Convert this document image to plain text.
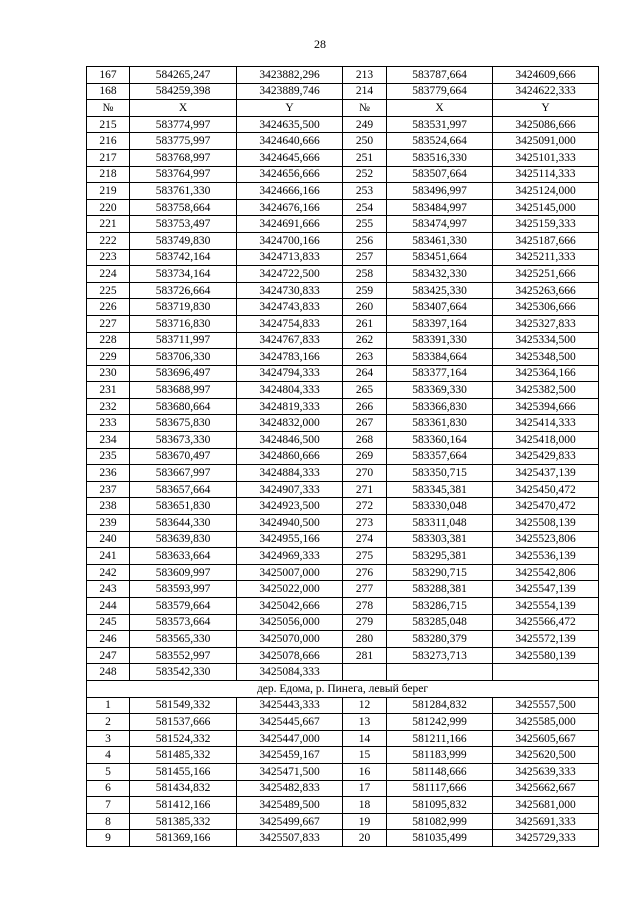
28
167	584265,247	3423882,296	213	583787,664	3424609,666
168	584259,398	3423889,746	214	583779,664	3424622,333
№	X	Y	№	X	Y
215	583774,997	3424635,500	249	583531,997	3425086,666
216	583775,997	3424640,666	250	583524,664	3425091,000
217	583768,997	3424645,666	251	583516,330	3425101,333
218	583764,997	3424656,666	252	583507,664	3425114,333
219	583761,330	3424666,166	253	583496,997	3425124,000
220	583758,664	3424676,166	254	583484,997	3425145,000
221	583753,497	3424691,666	255	583474,997	3425159,333
222	583749,830	3424700,166	256	583461,330	3425187,666
223	583742,164	3424713,833	257	583451,664	3425211,333
224	583734,164	3424722,500	258	583432,330	3425251,666
225	583726,664	3424730,833	259	583425,330	3425263,666
226	583719,830	3424743,833	260	583407,664	3425306,666
227	583716,830	3424754,833	261	583397,164	3425327,833
228	583711,997	3424767,833	262	583391,330	3425334,500
229	583706,330	3424783,166	263	583384,664	3425348,500
230	583696,497	3424794,333	264	583377,164	3425364,166
231	583688,997	3424804,333	265	583369,330	3425382,500
232	583680,664	3424819,333	266	583366,830	3425394,666
233	583675,830	3424832,000	267	583361,830	3425414,333
234	583673,330	3424846,500	268	583360,164	3425418,000
235	583670,497	3424860,666	269	583357,664	3425429,833
236	583667,997	3424884,333	270	583350,715	3425437,139
237	583657,664	3424907,333	271	583345,381	3425450,472
238	583651,830	3424923,500	272	583330,048	3425470,472
239	583644,330	3424940,500	273	583311,048	3425508,139
240	583639,830	3424955,166	274	583303,381	3425523,806
241	583633,664	3424969,333	275	583295,381	3425536,139
242	583609,997	3425007,000	276	583290,715	3425542,806
243	583593,997	3425022,000	277	583288,381	3425547,139
244	583579,664	3425042,666	278	583286,715	3425554,139
245	583573,664	3425056,000	279	583285,048	3425566,472
246	583565,330	3425070,000	280	583280,379	3425572,139
247	583552,997	3425078,666	281	583273,713	3425580,139
248	583542,330	3425084,333			
дер. Едома, р. Пинега, левый берег					
1	581549,332	3425443,333	12	581284,832	3425557,500
2	581537,666	3425445,667	13	581242,999	3425585,000
3	581524,332	3425447,000	14	581211,166	3425605,667
4	581485,332	3425459,167	15	581183,999	3425620,500
5	581455,166	3425471,500	16	581148,666	3425639,333
6	581434,832	3425482,833	17	581117,666	3425662,667
7	581412,166	3425489,500	18	581095,832	3425681,000
8	581385,332	3425499,667	19	581082,999	3425691,333
9	581369,166	3425507,833	20	581035,499	3425729,333
